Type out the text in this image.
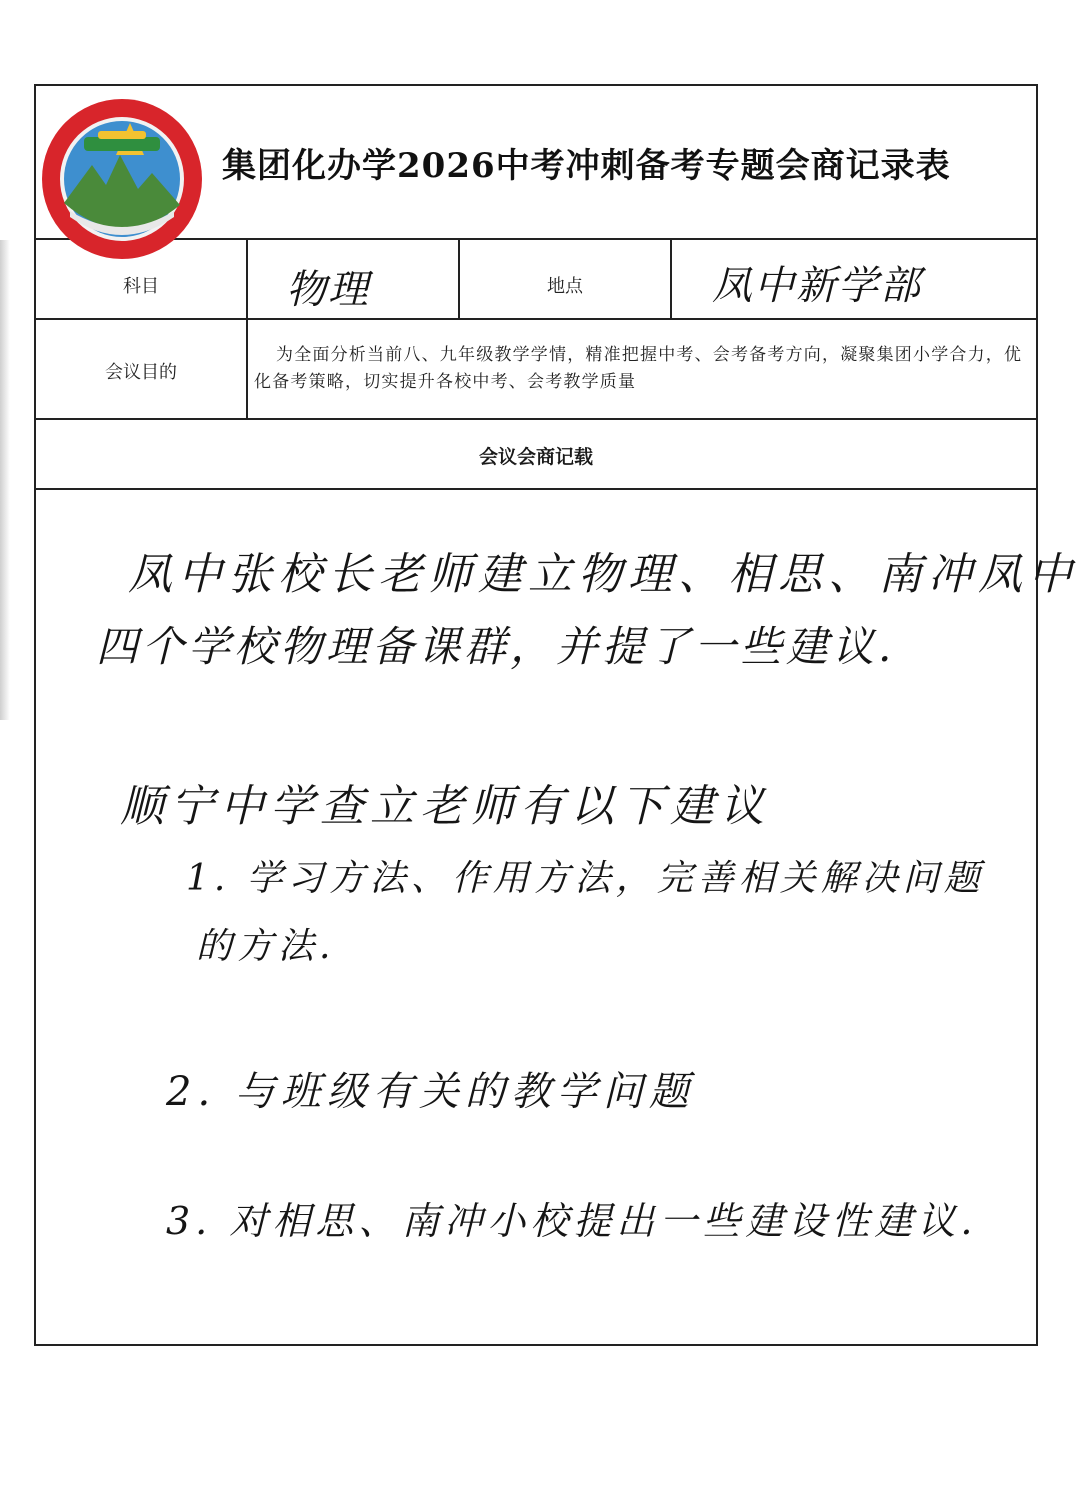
集团化办学2026中考冲刺备考专题会商记录表
科目	物理	地点	凤中新学部
会议目的
为全面分析当前八、九年级教学学情，精准把握中考、会考备考方向，凝聚集团小学合力，优化备考策略，切实提升各校中考、会考教学质量
会议会商记载
凤中张校长老师建立物理、相思、南冲凤中
四个学校物理备课群，并提了一些建议.
顺宁中学查立老师有以下建议
1. 学习方法、作用方法，完善相关解决问题
的方法.
2. 与班级有关的教学问题
3. 对相思、南冲小校提出一些建设性建议.
